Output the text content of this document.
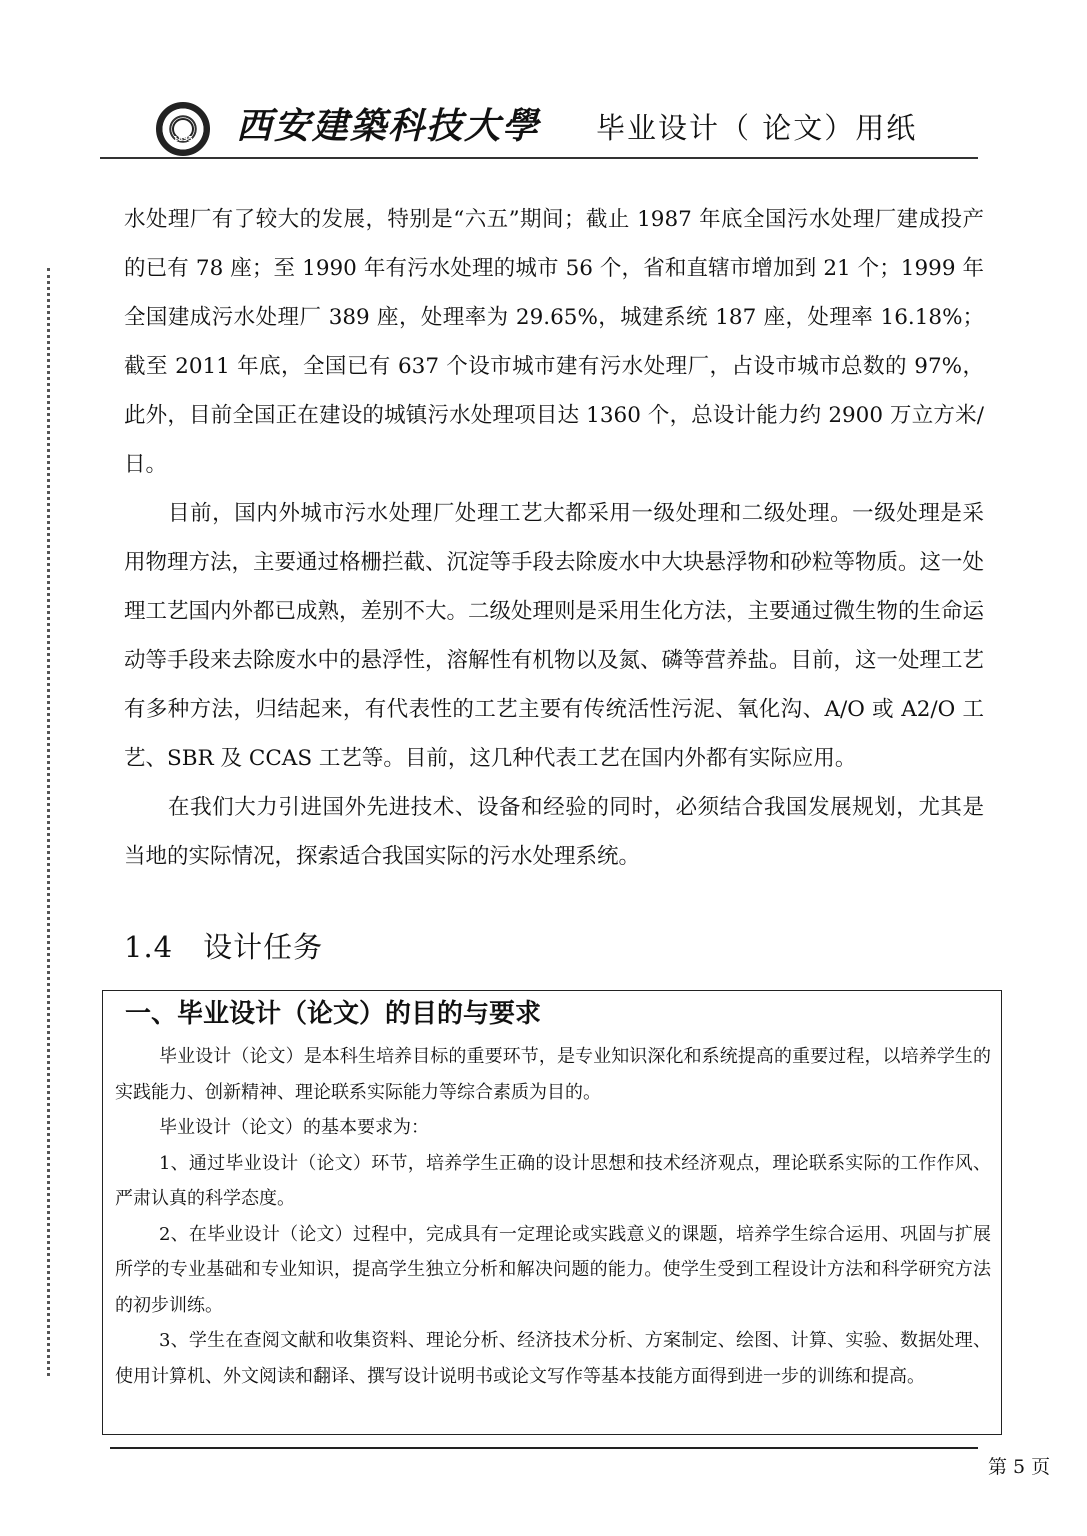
1895	西安建築科技大學 毕业设计（ 论文）用纸

水处理厂有了较大的发展，特别是“六五”期间；截止 1987 年底全国污水处理厂建成投产的已有 78 座；至 1990 年有污水处理的城市 56 个，省和直辖市增加到 21 个；1999 年全国建成污水处理厂 389 座，处理率为 29.65%，城建系统 187 座，处理率 16.18%；截至 2011 年底，全国已有 637 个设市城市建有污水处理厂，占设市城市总数的 97%，此外，目前全国正在建设的城镇污水处理项目达 1360 个，总设计能力约 2900 万立方米/日。

目前，国内外城市污水处理厂处理工艺大都采用一级处理和二级处理。一级处理是采用物理方法，主要通过格栅拦截、沉淀等手段去除废水中大块悬浮物和砂粒等物质。这一处理工艺国内外都已成熟，差别不大。二级处理则是采用生化方法，主要通过微生物的生命运动等手段来去除废水中的悬浮性，溶解性有机物以及氮、磷等营养盐。目前，这一处理工艺有多种方法，归结起来，有代表性的工艺主要有传统活性污泥、氧化沟、A/O 或 A2/O 工艺、SBR 及 CCAS 工艺等。目前，这几种代表工艺在国内外都有实际应用。

在我们大力引进国外先进技术、设备和经验的同时，必须结合我国发展规划，尤其是当地的实际情况，探索适合我国实际的污水处理系统。

1.4 设计任务
一、毕业设计（论文）的目的与要求

毕业设计（论文）是本科生培养目标的重要环节，是专业知识深化和系统提高的重要过程，以培养学生的实践能力、创新精神、理论联系实际能力等综合素质为目的。

毕业设计（论文）的基本要求为：

1、通过毕业设计（论文）环节，培养学生正确的设计思想和技术经济观点，理论联系实际的工作作风、严肃认真的科学态度。

2、在毕业设计（论文）过程中，完成具有一定理论或实践意义的课题，培养学生综合运用、巩固与扩展所学的专业基础和专业知识，提高学生独立分析和解决问题的能力。使学生受到工程设计方法和科学研究方法的初步训练。

3、学生在查阅文献和收集资料、理论分析、经济技术分析、方案制定、绘图、计算、实验、数据处理、使用计算机、外文阅读和翻译、撰写设计说明书或论文写作等基本技能方面得到进一步的训练和提高。

第 5 页
